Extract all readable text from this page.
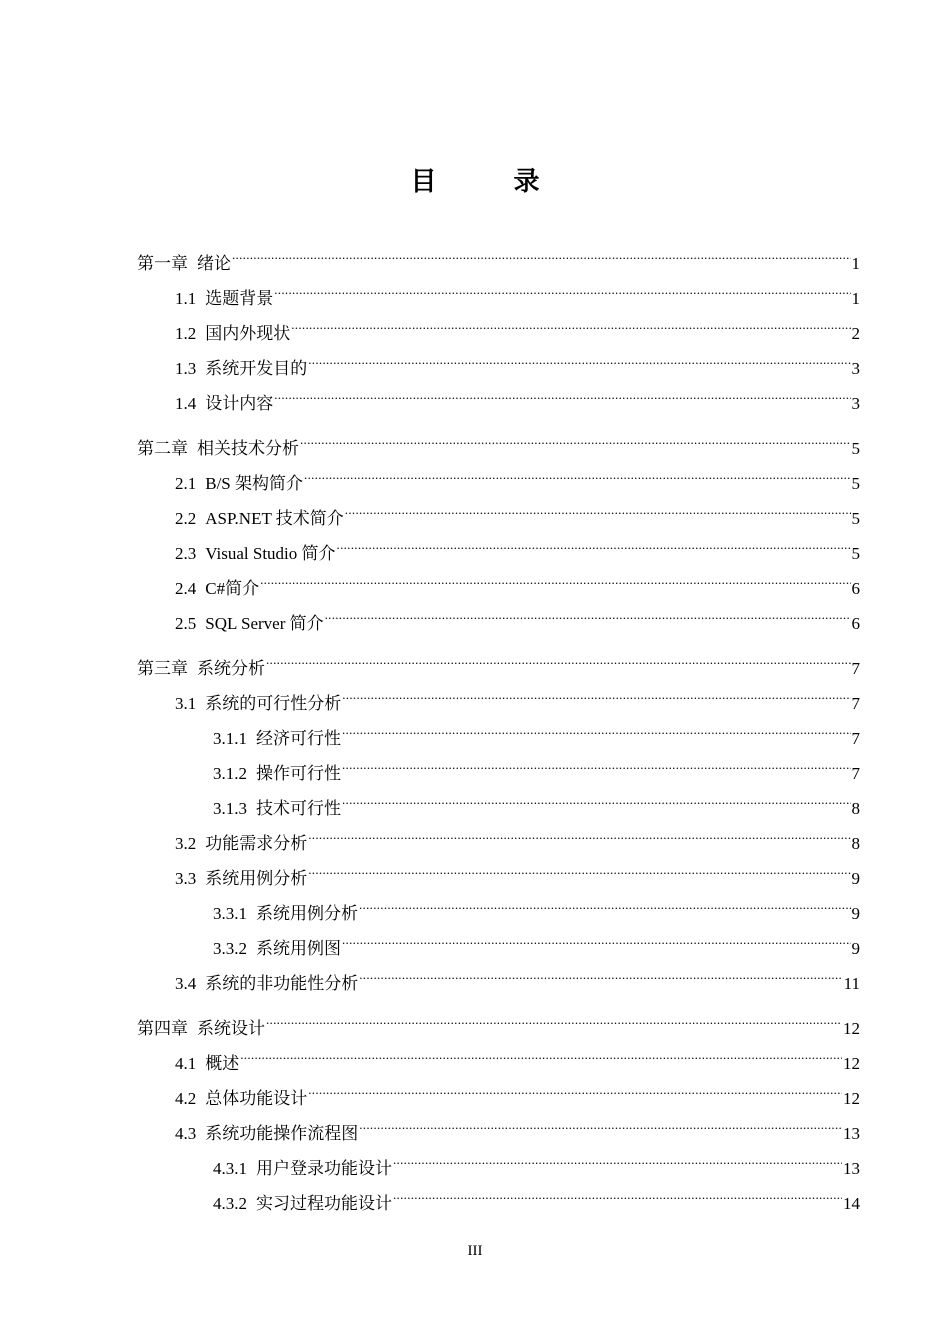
目 录
第一章 绪论 .....	1
1.1 选题背景 .....	1
1.2 国内外现状 .....	2
1.3 系统开发目的 .....	3
1.4 设计内容 .....	3
第二章 相关技术分析 .....	5
2.1 B/S 架构简介 .....	5
2.2 ASP.NET 技术简介 .....	5
2.3 Visual Studio 简介 .....	5
2.4 C#简介 .....	6
2.5 SQL Server 简介 .....	6
第三章 系统分析 .....	7
3.1 系统的可行性分析 .....	7
3.1.1 经济可行性 .....	7
3.1.2 操作可行性 .....	7
3.1.3 技术可行性 .....	8
3.2 功能需求分析 .....	8
3.3 系统用例分析 .....	9
3.3.1 系统用例分析 .....	9
3.3.2 系统用例图 .....	9
3.4 系统的非功能性分析 .....	11
第四章 系统设计 .....	12
4.1 概述 .....	12
4.2 总体功能设计 .....	12
4.3 系统功能操作流程图 .....	13
4.3.1 用户登录功能设计 .....	13
4.3.2 实习过程功能设计 .....	14
III
